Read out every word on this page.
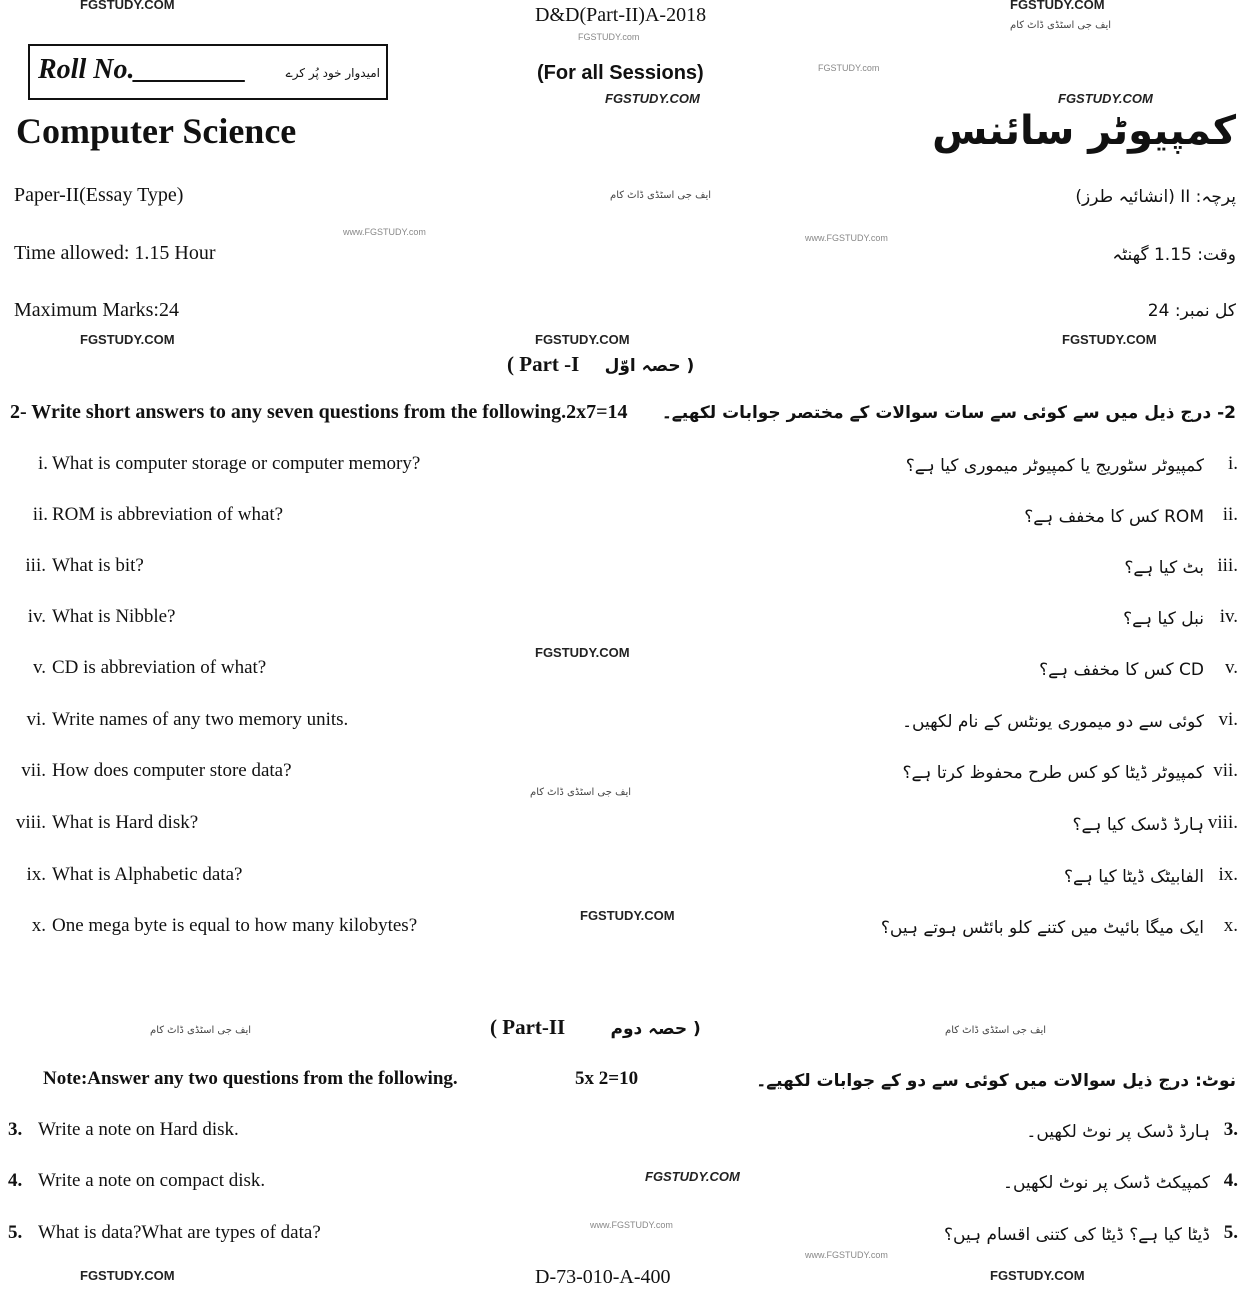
FGSTUDY.COM	FGSTUDY.COM
ایف جی اسٹڈی ڈاٹ کام
D&D(Part-II)A-2018
FGSTUDY.com
Roll No.________	امیدوار خود پُر کرے	(For all Sessions)
FGSTUDY.COM
FGSTUDY.com
FGSTUDY.COM
Computer Science	کمپیوٹر سائنس
Paper-II(Essay Type)	ایف جی اسٹڈی ڈاٹ کام	پرچہ: II (انشائیہ طرز)
www.FGSTUDY.com
www.FGSTUDY.com
Time allowed: 1.15 Hour	وقت: 1.15 گھنٹہ
Maximum Marks:24	کل نمبر: 24
FGSTUDY.COM	FGSTUDY.COM	FGSTUDY.COM
( Part -I حصہ اوّل )
2- Write short answers to any seven questions from the following.2x7=14 2- درج ذیل میں سے کوئی سے سات سوالات کے مختصر جوابات لکھیے۔
i. What is computer storage or computer memory?	کمپیوٹر سٹوریج یا کمپیوٹر میموری کیا ہے؟	i.
ii. ROM is abbreviation of what?	ROM کس کا مخفف ہے؟ ii.
iii. What is bit?	بٹ کیا ہے؟ iii.
iv. What is Nibble?	نبل کیا ہے؟ iv.
v. CD is abbreviation of what?	CD کس کا مخفف ہے؟	v.
vi. Write names of any two memory units.	کوئی سے دو میموری یونٹس کے نام لکھیں۔ vi.
vii. How does computer store data?	کمپیوٹر ڈیٹا کو کس طرح محفوظ کرتا ہے؟ vii.
viii. What is Hard disk?	ہارڈ ڈسک کیا ہے؟ viii.
ix. What is Alphabetic data?	الفابیٹک ڈیٹا کیا ہے؟ ix.
x. One mega byte is equal to how many kilobytes?	ایک میگا بائیٹ میں کتنے کلو بائٹس ہوتے ہیں؟	x.
FGSTUDY.COM
ایف جی اسٹڈی ڈاٹ کام
FGSTUDY.COM
( Part-II	حصہ دوم )
ایف جی اسٹڈی ڈاٹ کام	ایف جی اسٹڈی ڈاٹ کام
Note:Answer any two questions from the following.	5x 2=10	نوٹ: درج ذیل سوالات میں کوئی سے دو کے جوابات لکھیے۔
3. Write a note on Hard disk.	ہارڈ ڈسک پر نوٹ لکھیں۔ 3.
4. Write a note on compact disk.	کمپیکٹ ڈسک پر نوٹ لکھیں۔ 4.
5. What is data?What are types of data?	ڈیٹا کیا ہے؟ ڈیٹا کی کتنی اقسام ہیں؟ 5.
FGSTUDY.COM
www.FGSTUDY.com
www.FGSTUDY.com
FGSTUDY.COM	D-73-010-A-400	FGSTUDY.COM
